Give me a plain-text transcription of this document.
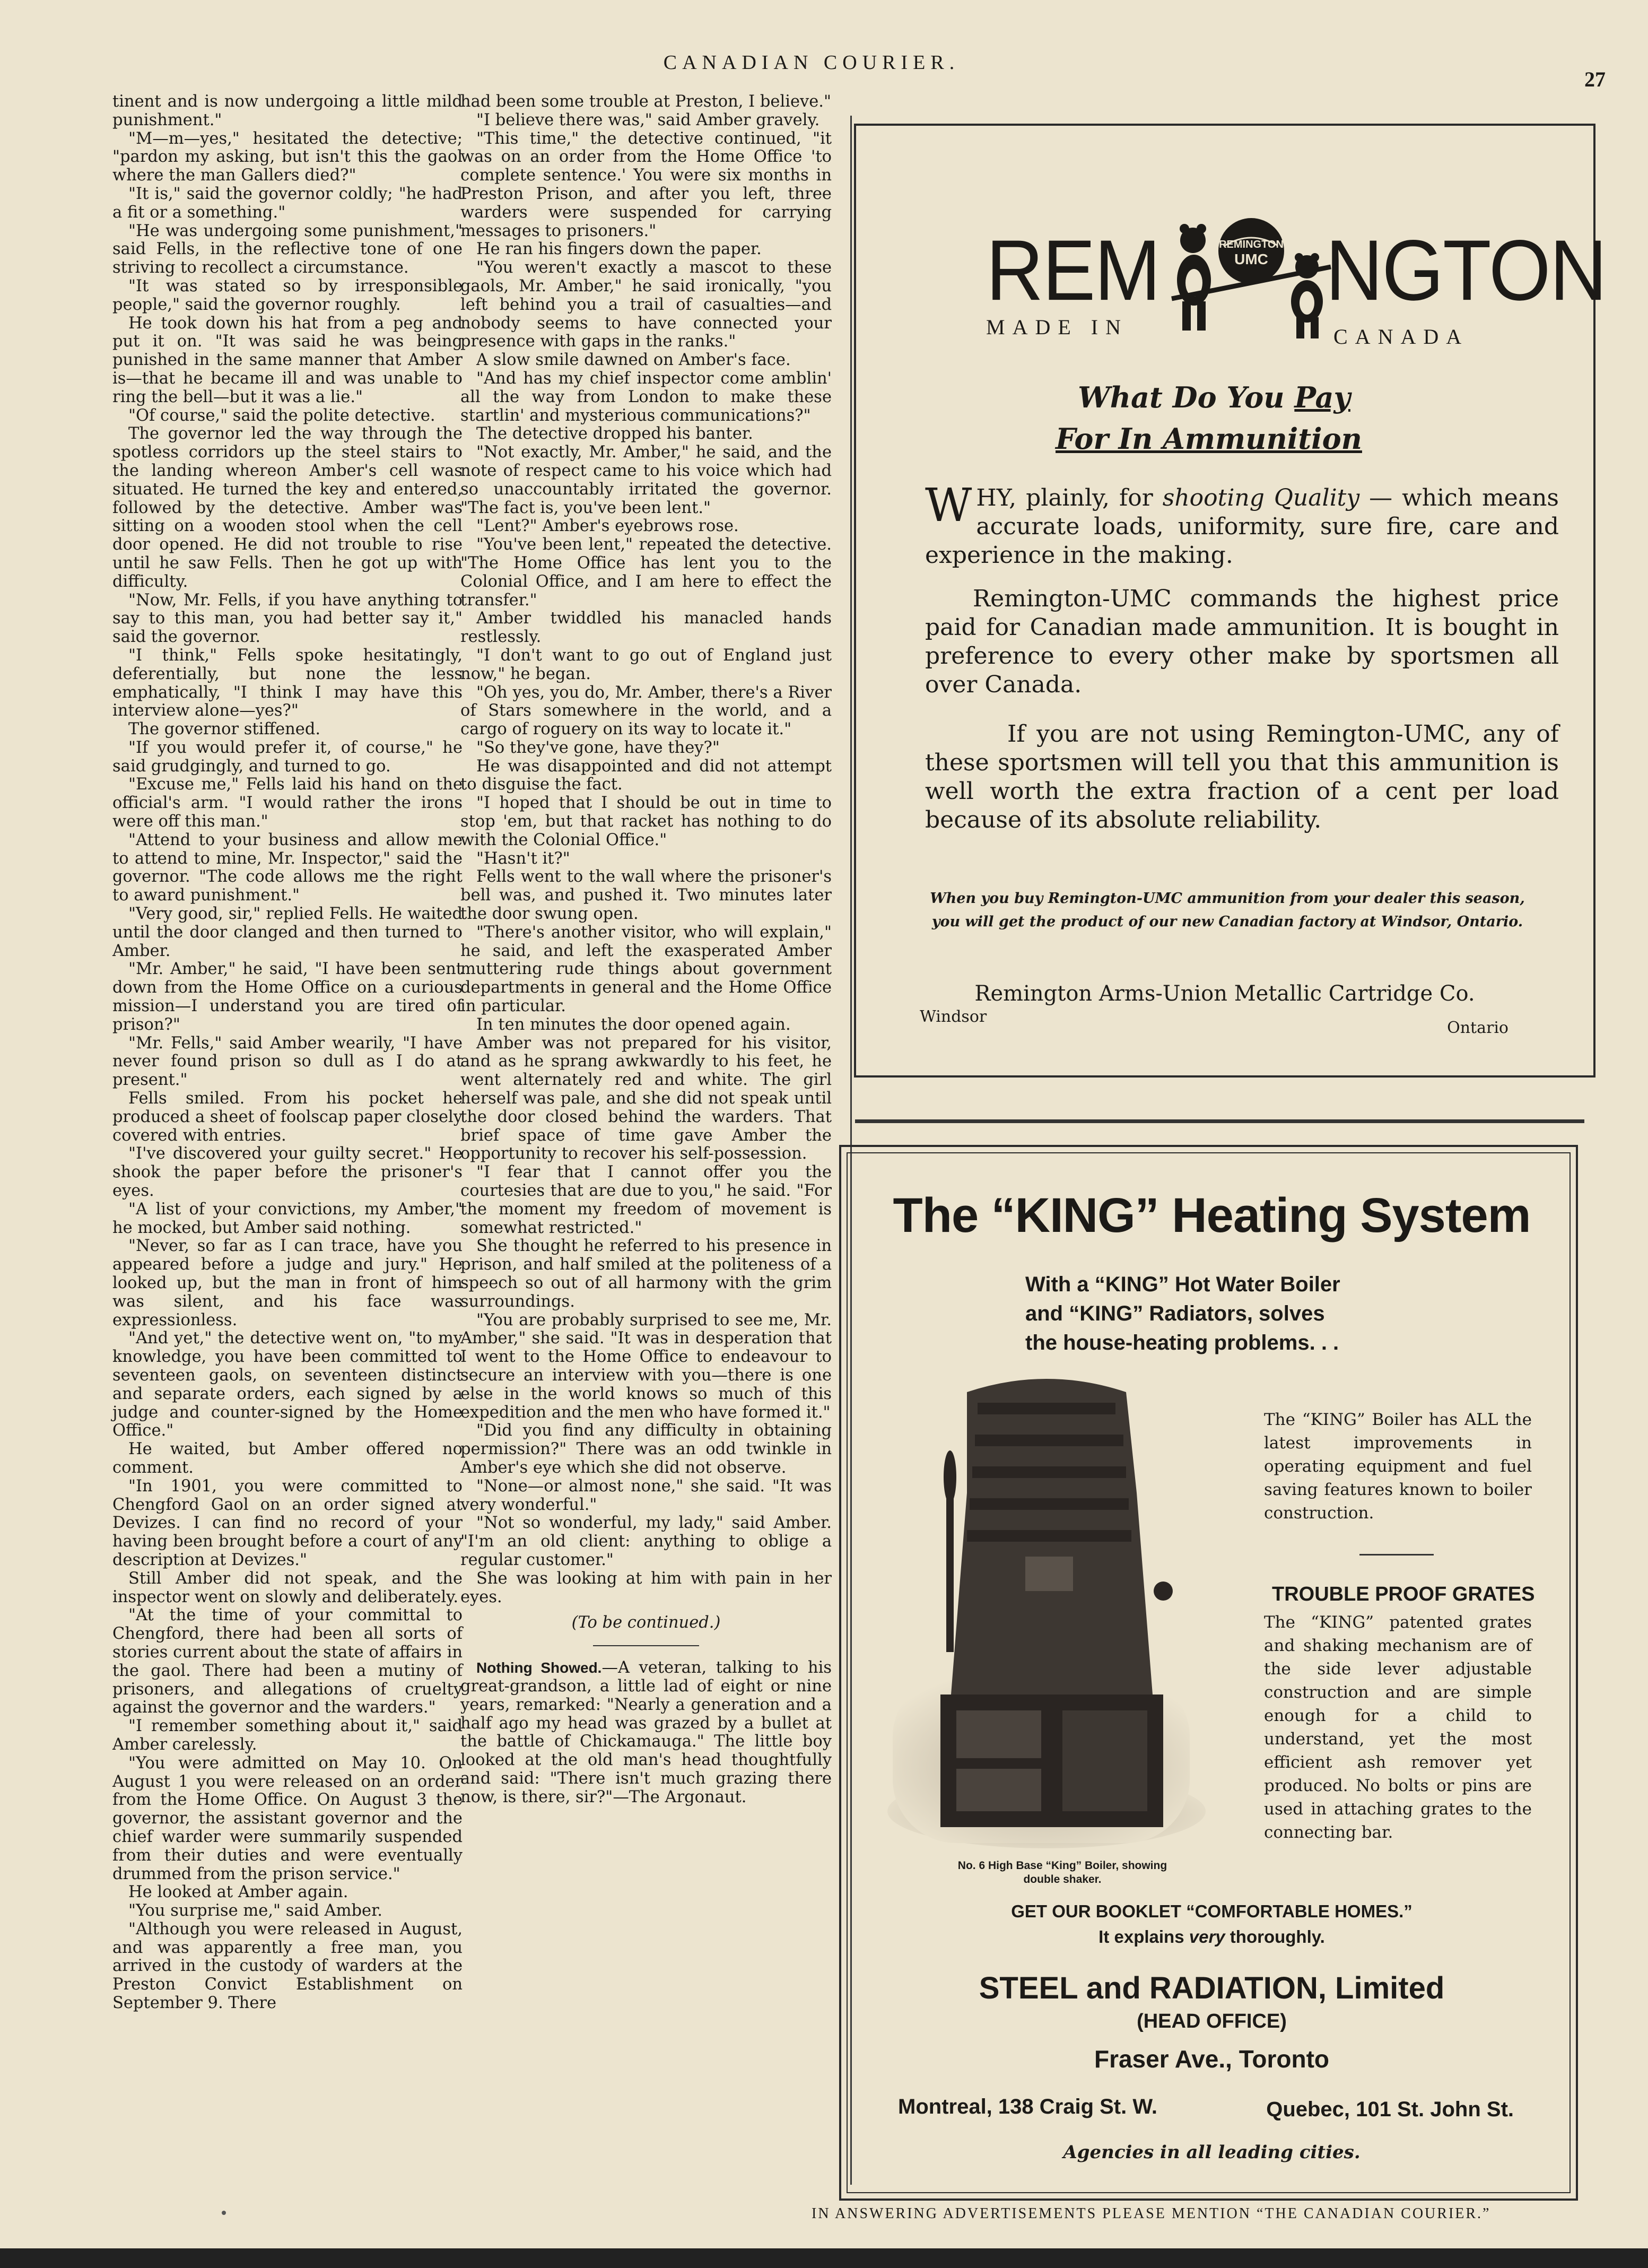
CANADIAN COURIER.
27

tinent and is now undergoing a little mild punishment."

"M—m—yes," hesitated the detective; "pardon my asking, but isn't this the gaol where the man Gallers died?"

"It is," said the governor coldly; "he had a fit or a something."

"He was undergoing some punishment," said Fells, in the reflective tone of one striving to recollect a circumstance.

"It was stated so by irresponsible people," said the governor roughly.

He took down his hat from a peg and put it on. "It was said he was being punished in the same manner that Amber is—that he became ill and was unable to ring the bell—but it was a lie."

"Of course," said the polite detective.

The governor led the way through the spotless corridors up the steel stairs to the landing whereon Amber's cell was situated. He turned the key and entered, followed by the detective. Amber was sitting on a wooden stool when the cell door opened. He did not trouble to rise until he saw Fells. Then he got up with difficulty.

"Now, Mr. Fells, if you have anything to say to this man, you had better say it," said the governor.

"I think," Fells spoke hesitatingly, deferentially, but none the less emphatically, "I think I may have this interview alone—yes?"

The governor stiffened.

"If you would prefer it, of course," he said grudgingly, and turned to go.

"Excuse me," Fells laid his hand on the official's arm. "I would rather the irons were off this man."

"Attend to your business and allow me to attend to mine, Mr. Inspector," said the governor. "The code allows me the right to award punishment."

"Very good, sir," replied Fells. He waited until the door clanged and then turned to Amber.

"Mr. Amber," he said, "I have been sent down from the Home Office on a curious mission—I understand you are tired of prison?"

"Mr. Fells," said Amber wearily, "I have never found prison so dull as I do at present."

Fells smiled. From his pocket he produced a sheet of foolscap paper closely covered with entries.

"I've discovered your guilty secret." He shook the paper before the prisoner's eyes.

"A list of your convictions, my Amber," he mocked, but Amber said nothing.

"Never, so far as I can trace, have you appeared before a judge and jury." He looked up, but the man in front of him was silent, and his face was expressionless.

"And yet," the detective went on, "to my knowledge, you have been committed to seventeen gaols, on seventeen distinct and separate orders, each signed by a judge and counter-signed by the Home Office."

He waited, but Amber offered no comment.

"In 1901, you were committed to Chengford Gaol on an order signed at Devizes. I can find no record of your having been brought before a court of any description at Devizes."

Still Amber did not speak, and the inspector went on slowly and deliberately.

"At the time of your committal to Chengford, there had been all sorts of stories current about the state of affairs in the gaol. There had been a mutiny of prisoners, and allegations of cruelty against the governor and the warders."

"I remember something about it," said Amber carelessly.

"You were admitted on May 10. On August 1 you were released on an order from the Home Office. On August 3 the governor, the assistant governor and the chief warder were summarily suspended from their duties and were eventually drummed from the prison service."

He looked at Amber again.

"You surprise me," said Amber.

"Although you were released in August, and was apparently a free man, you arrived in the custody of warders at the Preston Convict Establishment on September 9. There

had been some trouble at Preston, I believe."

"I believe there was," said Amber gravely.

"This time," the detective continued, "it was on an order from the Home Office 'to complete sentence.' You were six months in Preston Prison, and after you left, three warders were suspended for carrying messages to prisoners."

He ran his fingers down the paper.

"You weren't exactly a mascot to these gaols, Mr. Amber," he said ironically, "you left behind you a trail of casualties—and nobody seems to have connected your presence with gaps in the ranks."

A slow smile dawned on Amber's face.

"And has my chief inspector come amblin' all the way from London to make these startlin' and mysterious communications?"

The detective dropped his banter.

"Not exactly, Mr. Amber," he said, and the note of respect came to his voice which had so unaccountably irritated the governor. "The fact is, you've been lent."

"Lent?" Amber's eyebrows rose.

"You've been lent," repeated the detective. "The Home Office has lent you to the Colonial Office, and I am here to effect the transfer."

Amber twiddled his manacled hands restlessly.

"I don't want to go out of England just now," he began.

"Oh yes, you do, Mr. Amber, there's a River of Stars somewhere in the world, and a cargo of roguery on its way to locate it."

"So they've gone, have they?"

He was disappointed and did not attempt to disguise the fact.

"I hoped that I should be out in time to stop 'em, but that racket has nothing to do with the Colonial Office."

"Hasn't it?"

Fells went to the wall where the prisoner's bell was, and pushed it. Two minutes later the door swung open.

"There's another visitor, who will explain," he said, and left the exasperated Amber muttering rude things about government departments in general and the Home Office in particular.

In ten minutes the door opened again.

Amber was not prepared for his visitor, and as he sprang awkwardly to his feet, he went alternately red and white. The girl herself was pale, and she did not speak until the door closed behind the warders. That brief space of time gave Amber the opportunity to recover his self-possession.

"I fear that I cannot offer you the courtesies that are due to you," he said. "For the moment my freedom of movement is somewhat restricted."

She thought he referred to his presence in prison, and half smiled at the politeness of a speech so out of all harmony with the grim surroundings.

"You are probably surprised to see me, Mr. Amber," she said. "It was in desperation that I went to the Home Office to endeavour to secure an interview with you—there is one else in the world knows so much of this expedition and the men who have formed it."

"Did you find any difficulty in obtaining permission?" There was an odd twinkle in Amber's eye which she did not observe.

"None—or almost none," she said. "It was very wonderful."

"Not so wonderful, my lady," said Amber. "I'm an old client: anything to oblige a regular customer."

She was looking at him with pain in her eyes.

(To be continued.)

Nothing Showed.—A veteran, talking to his great-grandson, a little lad of eight or nine years, remarked: "Nearly a generation and a half ago my head was grazed by a bullet at the battle of Chickamauga." The little boy looked at the old man's head thoughtfully and said: "There isn't much grazing there now, is there, sir?"—The Argonaut.

REM NGTON
REMINGTON
UMC
MADE IN	CANADA
What Do You Pay
For In Ammunition
WHY, plainly, for shooting Quality — which means accurate loads, uniformity, sure fire, care and experience in the making.
Remington-UMC commands the highest price paid for Canadian made ammunition. It is bought in preference to every other make by sportsmen all over Canada.
If you are not using Remington-UMC, any of these sportsmen will tell you that this ammunition is well worth the extra fraction of a cent per load because of its absolute reliability.
When you buy Remington-UMC ammunition from your dealer this season, you will get the product of our new Canadian factory at Windsor, Ontario.
Remington Arms-Union Metallic Cartridge Co.
Windsor
Ontario
The “KING” Heating System
With a “KING” Hot Water Boiler
and “KING” Radiators, solves
the house-heating problems. . .
No. 6 High Base “King” Boiler, showing
double shaker.
The “KING” Boiler has ALL the latest improvements in operating equipment and fuel saving features known to boiler construction.
TROUBLE PROOF GRATES
The “KING” patented grates and shaking mechanism are of the side lever adjustable construction and are simple enough for a child to understand, yet the most efficient ash remover yet produced. No bolts or pins are used in attaching grates to the connecting bar.
GET OUR BOOKLET “COMFORTABLE HOMES.”
It explains very thoroughly.
STEEL and RADIATION, Limited
(HEAD OFFICE)
Fraser Ave., Toronto
Montreal, 138 Craig St. W.	Quebec, 101 St. John St.
Agencies in all leading cities.
IN ANSWERING ADVERTISEMENTS PLEASE MENTION “THE CANADIAN COURIER.”
